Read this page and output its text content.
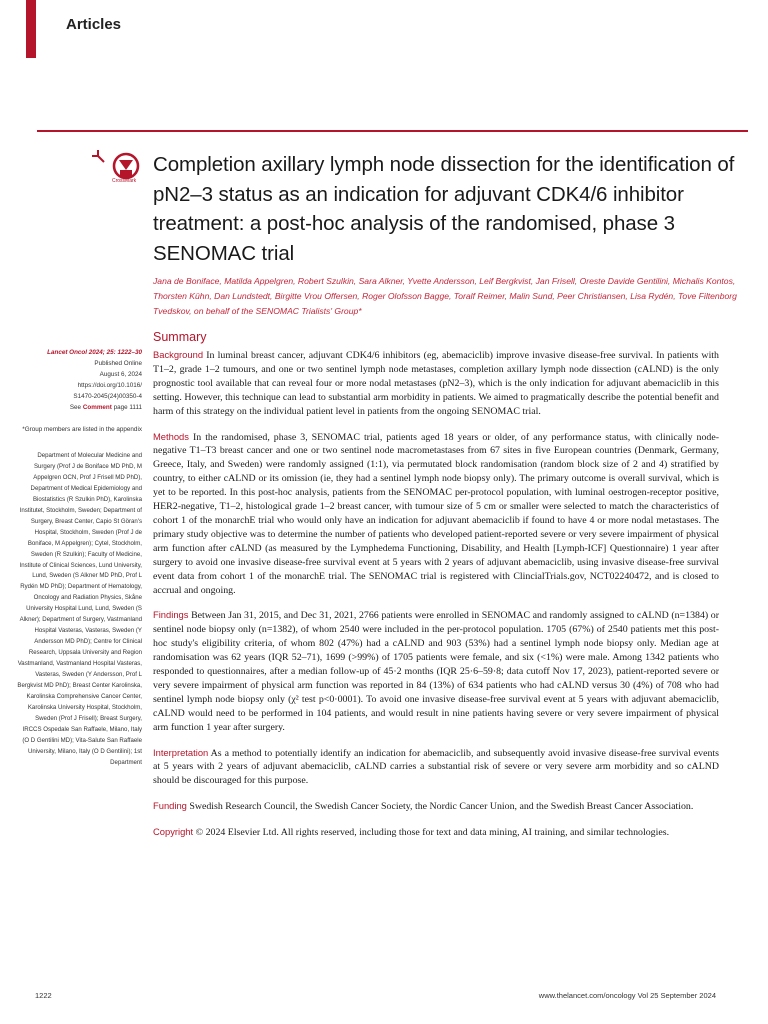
Articles
CrossMark
Completion axillary lymph node dissection for the identification of pN2–3 status as an indication for adjuvant CDK4/6 inhibitor treatment: a post-hoc analysis of the randomised, phase 3 SENOMAC trial

Jana de Boniface, Matilda Appelgren, Robert Szulkin, Sara Alkner, Yvette Andersson, Leif Bergkvist, Jan Frisell, Oreste Davide Gentilini, Michalis Kontos, Thorsten Kühn, Dan Lundstedt, Birgitte Vrou Offersen, Roger Olofsson Bagge, Toralf Reimer, Malin Sund, Peer Christiansen, Lisa Rydén, Tove Filtenborg Tvedskov, on behalf of the SENOMAC Trialists' Group*

Summary
Lancet Oncol 2024; 25: 1222–30
Published Online
August 6, 2024
https://doi.org/10.1016/
S1470-2045(24)00350-4
See Comment page 1111
*Group members are listed in the appendix
Department of Molecular Medicine and Surgery (Prof J de Boniface MD PhD, M Appelgren OCN, Prof J Frisell MD PhD), Department of Medical Epidemiology and Biostatistics (R Szulkin PhD), Karolinska Institutet, Stockholm, Sweden; Department of Surgery, Breast Center, Capio St Göran's Hospital, Stockholm, Sweden (Prof J de Boniface, M Appelgren); Cytel, Stockholm, Sweden (R Szulkin); Faculty of Medicine, Institute of Clinical Sciences, Lund University, Lund, Sweden (S Alkner MD PhD, Prof L Rydén MD PhD); Department of Hematology, Oncology and Radiation Physics, Skåne University Hospital Lund, Lund, Sweden (S Alkner); Department of Surgery, Vastmanland Hospital Vasteras, Vasteras, Sweden (Y Andersson MD PhD); Centre for Clinical Research, Uppsala University and Region Vastmanland, Vastmanland Hospital Vasteras, Vasteras, Sweden (Y Andersson, Prof L Bergkvist MD PhD); Breast Center Karolinska, Karolinska Comprehensive Cancer Center, Karolinska University Hospital, Stockholm, Sweden (Prof J Frisell); Breast Surgery, IRCCS Ospedale San Raffaele, Milano, Italy (O D Gentilini MD); Vita-Salute San Raffaele University, Milano, Italy (O D Gentilini); 1st Department

Background In luminal breast cancer, adjuvant CDK4/6 inhibitors (eg, abemaciclib) improve invasive disease-free survival. In patients with T1–2, grade 1–2 tumours, and one or two sentinel lymph node metastases, completion axillary lymph node dissection (cALND) is the only prognostic tool available that can reveal four or more nodal metastases (pN2–3), which is the only indication for adjuvant abemaciclib in this setting. However, this technique can lead to substantial arm morbidity in patients. We aimed to pragmatically describe the potential benefit and harm of this strategy on the individual patient level in patients from the ongoing SENOMAC trial.

Methods In the randomised, phase 3, SENOMAC trial, patients aged 18 years or older, of any performance status, with clinically node-negative T1–T3 breast cancer and one or two sentinel node macrometastases from 67 sites in five European countries (Denmark, Germany, Greece, Italy, and Sweden) were randomly assigned (1:1), via permutated block randomisation (random block size of 2 and 4) stratified by country, to either cALND or its omission (ie, they had a sentinel lymph node biopsy only). The primary outcome is overall survival, which is yet to be reported. In this post-hoc analysis, patients from the SENOMAC per-protocol population, with luminal oestrogen-receptor positive, HER2-negative, T1–2, histological grade 1–2 breast cancer, with tumour size of 5 cm or smaller were selected to match the characteristics of cohort 1 of the monarchE trial who would only have an indication for adjuvant abemaciclib if found to have 4 or more nodal metastases. The primary study objective was to determine the number of patients who developed patient-reported severe or very severe impairment of physical arm function after cALND (as measured by the Lymphedema Functioning, Disability, and Health [Lymph-ICF] Questionnaire) 1 year after surgery to avoid one invasive disease-free survival event at 5 years with 2 years of adjuvant abemaciclib, using invasive disease-free survival event data from cohort 1 of the monarchE trial. The SENOMAC trial is registered with ClincialTrials.gov, NCT02240472, and is closed to accrual and ongoing.

Findings Between Jan 31, 2015, and Dec 31, 2021, 2766 patients were enrolled in SENOMAC and randomly assigned to cALND (n=1384) or sentinel node biopsy only (n=1382), of whom 2540 were included in the per-protocol population. 1705 (67%) of 2540 patients met this post-hoc study's eligibility criteria, of whom 802 (47%) had a cALND and 903 (53%) had a sentinel lymph node biopsy only. Median age at randomisation was 62 years (IQR 52–71), 1699 (>99%) of 1705 patients were female, and six (<1%) were male. Among 1342 patients who responded to questionnaires, after a median follow-up of 45·2 months (IQR 25·6–59·8; data cutoff Nov 17, 2023), patient-reported severe or very severe impairment of physical arm function was reported in 84 (13%) of 634 patients who had cALND versus 30 (4%) of 708 who had sentinel lymph node biopsy only (χ² test p<0·0001). To avoid one invasive disease-free survival event at 5 years with adjuvant abemaciclib, cALND would need to be performed in 104 patients, and would result in nine patients having severe or very severe impairment of physical arm function 1 year after surgery.

Interpretation As a method to potentially identify an indication for abemaciclib, and subsequently avoid invasive disease-free survival events at 5 years with 2 years of adjuvant abemaciclib, cALND carries a substantial risk of severe or very severe arm morbidity and so cALND should be discouraged for this purpose.

Funding Swedish Research Council, the Swedish Cancer Society, the Nordic Cancer Union, and the Swedish Breast Cancer Association.

Copyright © 2024 Elsevier Ltd. All rights reserved, including those for text and data mining, AI training, and similar technologies.

1222	www.thelancet.com/oncology Vol 25 September 2024
